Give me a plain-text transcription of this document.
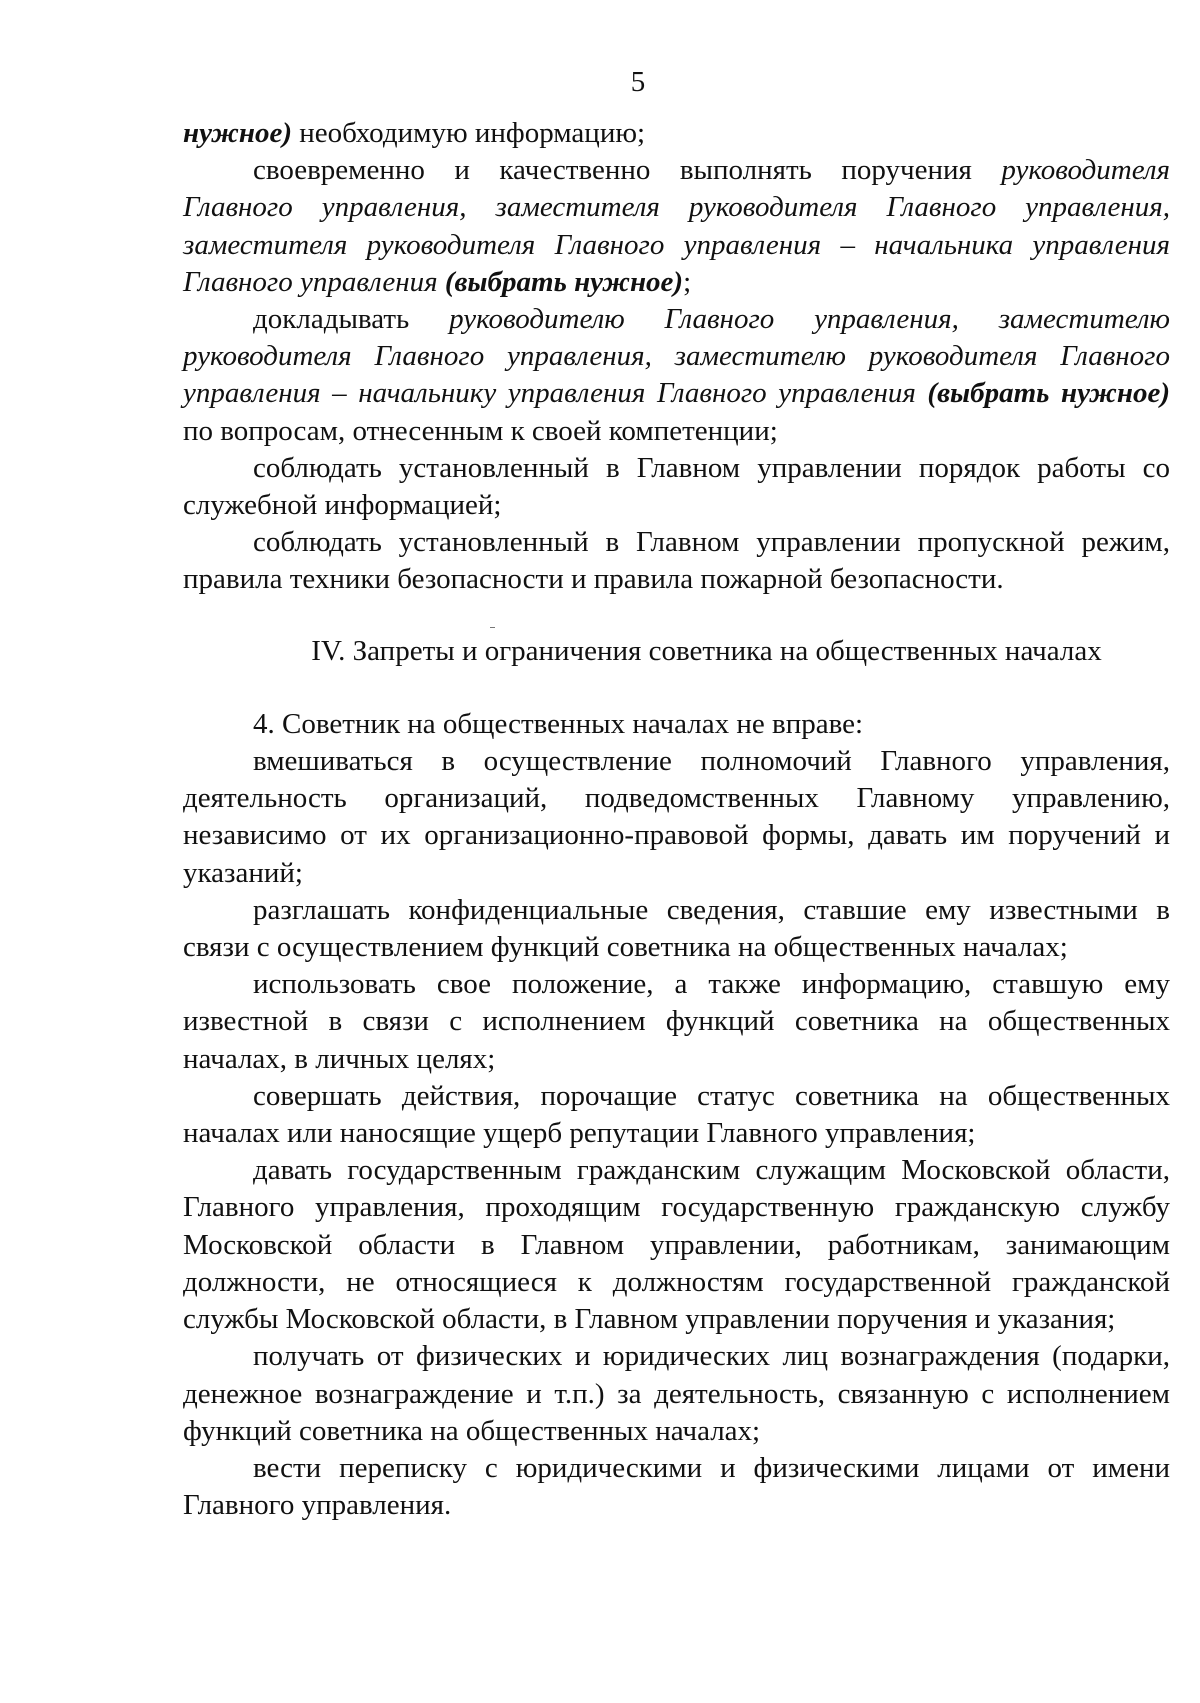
5

нужное) необходимую информацию;

своевременно и качественно выполнять поручения руководителя Главного управления, заместителя руководителя Главного управления, заместителя руководителя Главного управления – начальника управления Главного управления (выбрать нужное);

докладывать руководителю Главного управления, заместителю руководителя Главного управления, заместителю руководителя Главного управления – начальнику управления Главного управления (выбрать нужное) по вопросам, отнесенным к своей компетенции;

соблюдать установленный в Главном управлении порядок работы со служебной информацией;

соблюдать установленный в Главном управлении пропускной режим, правила техники безопасности и правила пожарной безопасности.

IV. Запреты и ограничения советника на общественных началах

4. Советник на общественных началах не вправе:

вмешиваться в осуществление полномочий Главного управления, деятельность организаций, подведомственных Главному управлению, независимо от их организационно-правовой формы, давать им поручений и указаний;

разглашать конфиденциальные сведения, ставшие ему известными в связи с осуществлением функций советника на общественных началах;

использовать свое положение, а также информацию, ставшую ему известной в связи с исполнением функций советника на общественных началах, в личных целях;

совершать действия, порочащие статус советника на общественных началах или наносящие ущерб репутации Главного управления;

давать государственным гражданским служащим Московской области, Главного управления, проходящим государственную гражданскую службу Московской области в Главном управлении, работникам, занимающим должности, не относящиеся к должностям государственной гражданской службы Московской области, в Главном управлении поручения и указания;

получать от физических и юридических лиц вознаграждения (подарки, денежное вознаграждение и т.п.) за деятельность, связанную с исполнением функций советника на общественных началах;

вести переписку с юридическими и физическими лицами от имени Главного управления.
